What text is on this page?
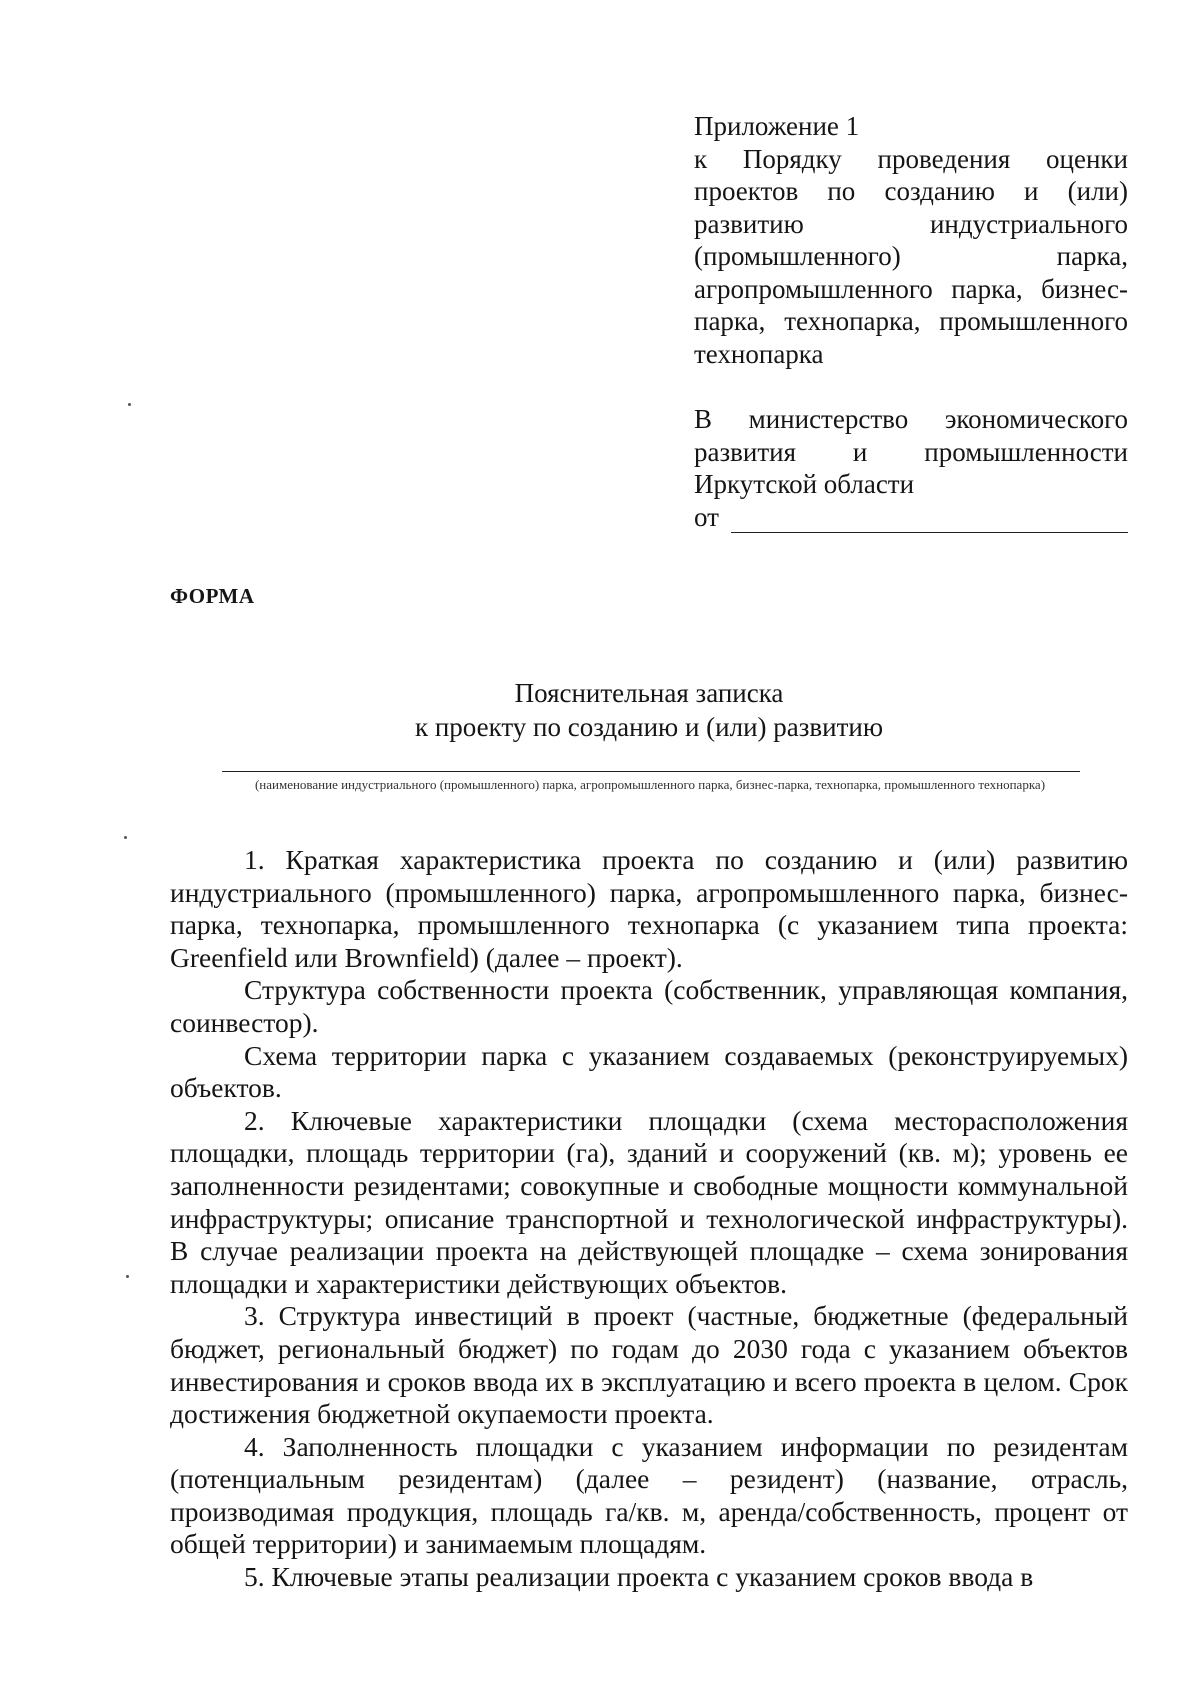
Приложение 1

к Порядку проведения оценки проектов по созданию и (или) развитию индустриального (промышленного) парка, агропромышленного парка, бизнес-парка, технопарка, промышленного технопарка

В министерство экономического развития и промышленности Иркутской области

от
ФОРМА
Пояснительная записка
к проекту по созданию и (или) развитию
(наименование индустриального (промышленного) парка, агропромышленного парка, бизнес-парка, технопарка, промышленного технопарка)

1. Краткая характеристика проекта по созданию и (или) развитию индустриального (промышленного) парка, агропромышленного парка, бизнес-парка, технопарка, промышленного технопарка (с указанием типа проекта: Greenfield или Brownfield) (далее – проект).

Структура собственности проекта (собственник, управляющая компания, соинвестор).

Схема территории парка с указанием создаваемых (реконструируемых) объектов.

2. Ключевые характеристики площадки (схема месторасположения площадки, площадь территории (га), зданий и сооружений (кв. м); уровень ее заполненности резидентами; совокупные и свободные мощности коммунальной инфраструктуры; описание транспортной и технологической инфраструктуры). В случае реализации проекта на действующей площадке – схема зонирования площадки и характеристики действующих объектов.

3. Структура инвестиций в проект (частные, бюджетные (федеральный бюджет, региональный бюджет) по годам до 2030 года с указанием объектов инвестирования и сроков ввода их в эксплуатацию и всего проекта в целом. Срок достижения бюджетной окупаемости проекта.

4. Заполненность площадки с указанием информации по резидентам (потенциальным резидентам) (далее – резидент) (название, отрасль, производимая продукция, площадь га/кв. м, аренда/собственность, процент от общей территории) и занимаемым площадям.

5. Ключевые этапы реализации проекта с указанием сроков ввода в
